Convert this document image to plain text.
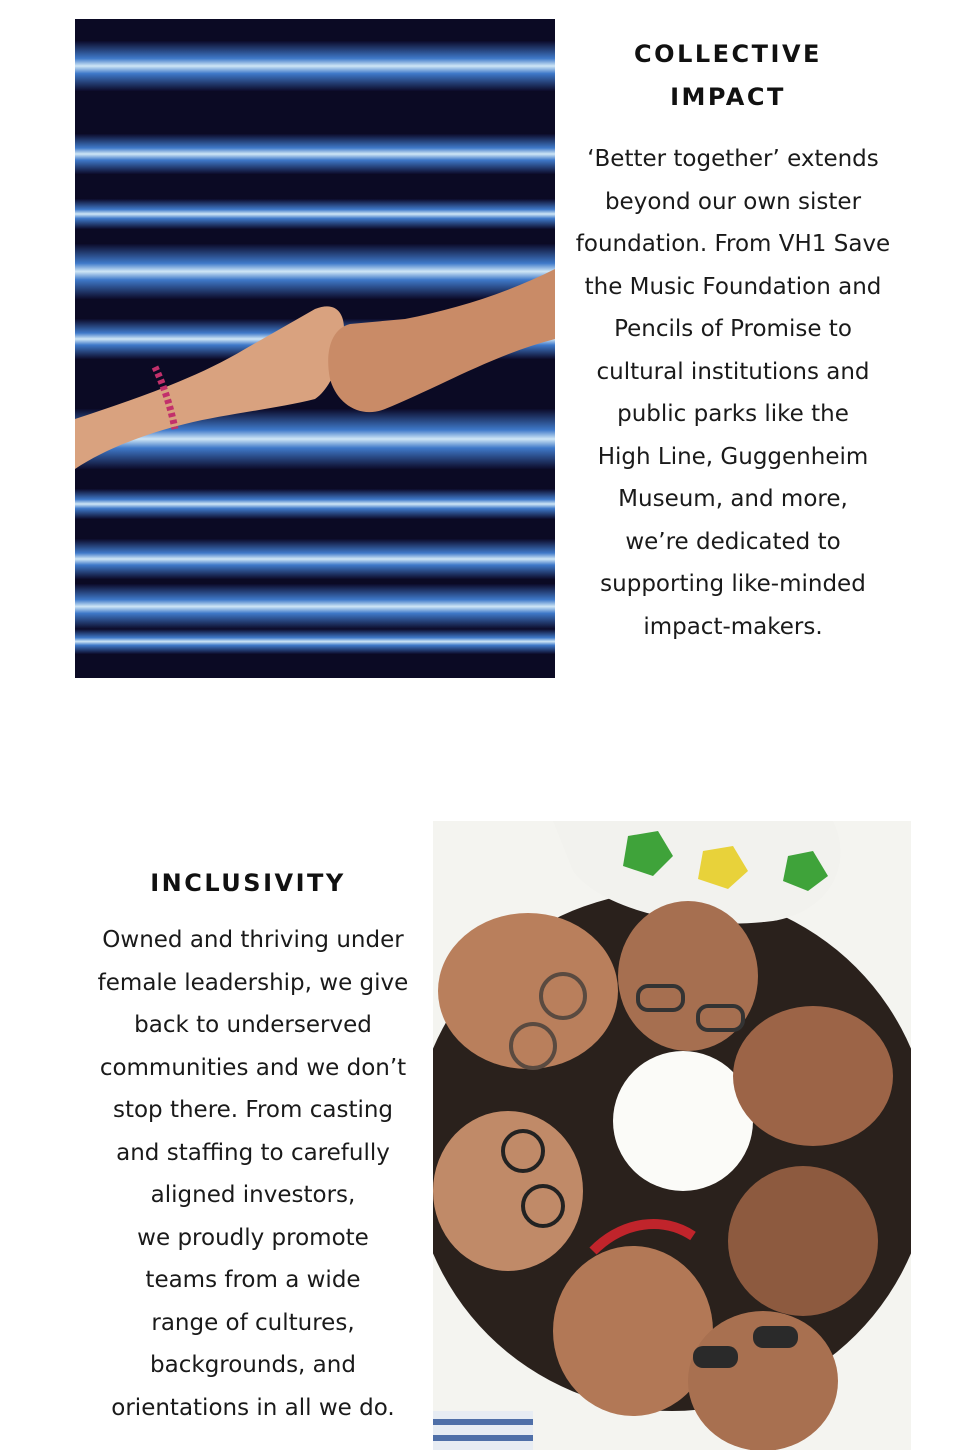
COLLECTIVE
IMPACT

‘Better together’ extends
beyond our own sister
foundation. From VH1 Save
the Music Foundation and
Pencils of Promise to
cultural institutions and
public parks like the
High Line, Guggenheim
Museum, and more,
we’re dedicated to
supporting like-minded
impact-makers.

INCLUSIVITY

Owned and thriving under
female leadership, we give
back to underserved
communities and we don’t
stop there. From casting
and staffing to carefully
aligned investors,
we proudly promote
teams from a wide
range of cultures,
backgrounds, and
orientations in all we do.
